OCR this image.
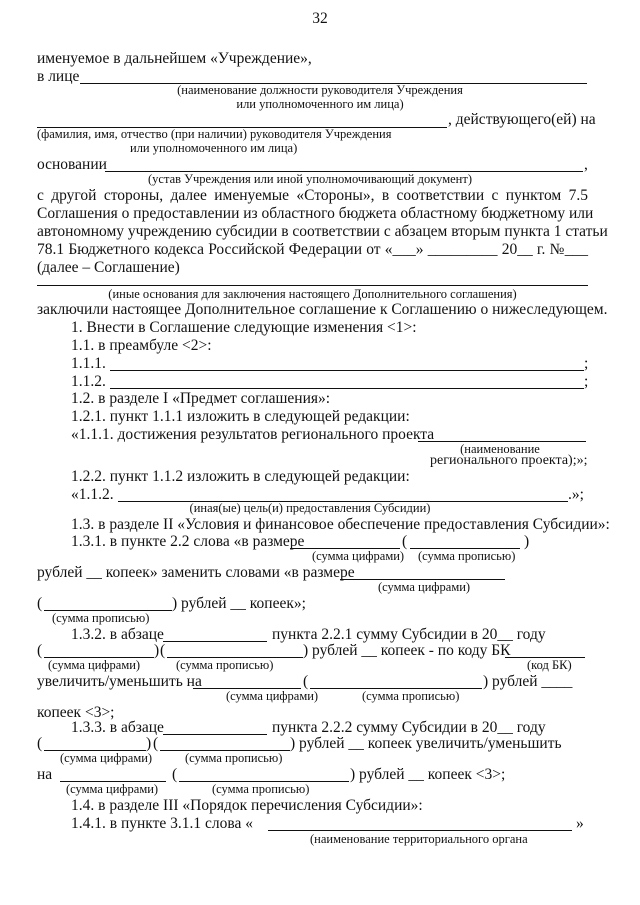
32
именуемое в дальнейшем «Учреждение»,
в лице
(наименование должности руководителя Учреждения
или уполномоченного им лица)
, действующего(ей) на
(фамилия, имя, отчество (при наличии) руководителя Учреждения
или уполномоченного им лица)
основании	,
(устав Учреждения или иной уполномочивающий документ)
с другой стороны, далее именуемые «Стороны», в соответствии с пунктом 7.5
Соглашения о предоставлении из областного бюджета областному бюджетному или
автономному учреждению субсидии в соответствии с абзацем вторым пункта 1 статьи
78.1 Бюджетного кодекса Российской Федерации от «___» _________ 20__ г. №___
(далее – Соглашение)
(иные основания для заключения настоящего Дополнительного соглашения)
заключили настоящее Дополнительное соглашение к Соглашению о нижеследующем.
1. Внести в Соглашение следующие изменения <1>:
1.1. в преамбуле <2>:
1.1.1.	;
1.1.2.	;
1.2. в разделе I «Предмет соглашения»:
1.2.1. пункт 1.1.1 изложить в следующей редакции:
«1.1.1. достижения результатов регионального проекта
(наименование
регионального проекта);»;
1.2.2. пункт 1.1.2 изложить в следующей редакции:
«1.1.2.	.»;
(иная(ые) цель(и) предоставления Субсидии)
1.3. в разделе II «Условия и финансовое обеспечение предоставления Субсидии»:
1.3.1. в пункте 2.2 слова «в размере	(	)
(сумма цифрами) (сумма прописью)
рублей __ копеек» заменить словами «в размере
(сумма цифрами)
(	) рублей __ копеек»;
(сумма прописью)
1.3.2. в абзаце	пункта 2.2.1 сумму Субсидии в 20__ году
(	) (	) рублей __ копеек - по коду БК
(сумма цифрами)	(сумма прописью)	(код БК)
увеличить/уменьшить на	(	) рублей ____
(сумма цифрами)	(сумма прописью)
копеек <3>;
1.3.3. в абзаце	пункта 2.2.2 сумму Субсидии в 20__ году
(	) (	) рублей __ копеек увеличить/уменьшить
(сумма цифрами)	(сумма прописью)
на	(	) рублей __ копеек <3>;
(сумма цифрами)	(сумма прописью)
1.4. в разделе III «Порядок перечисления Субсидии»:
1.4.1. в пункте 3.1.1 слова «	»
(наименование территориального органа
